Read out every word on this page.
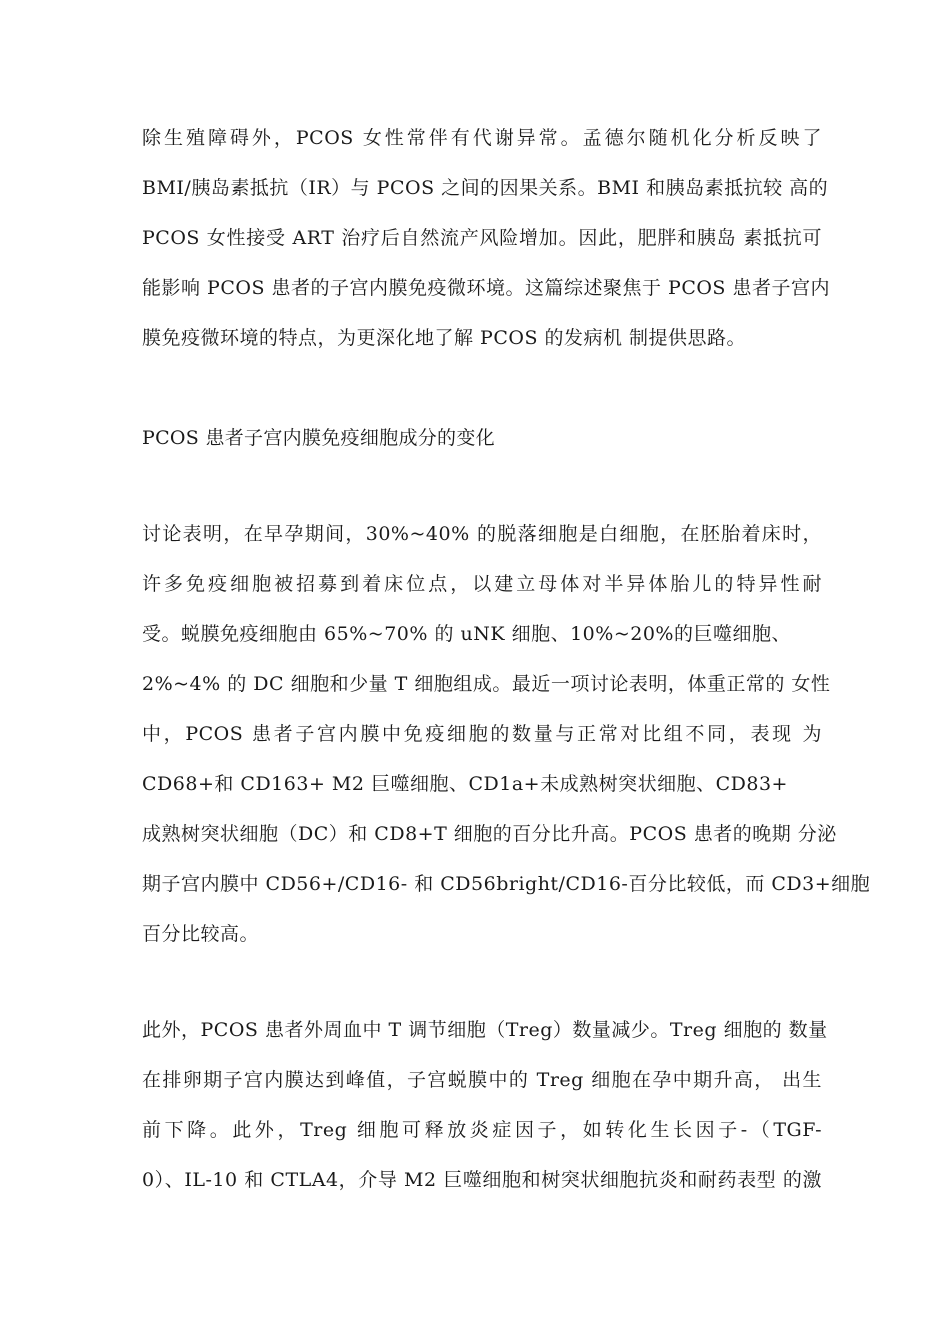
除生殖障碍外，PCOS 女性常伴有代谢异常。孟德尔随机化分析反映了

BMI/胰岛素抵抗（IR）与 PCOS 之间的因果关系。BMI 和胰岛素抵抗较 高的

PCOS 女性接受 ART 治疗后自然流产风险增加。因此，肥胖和胰岛 素抵抗可

能影响 PCOS 患者的子宫内膜免疫微环境。这篇综述聚焦于 PCOS 患者子宫内

膜免疫微环境的特点，为更深化地了解 PCOS 的发病机 制提供思路。

PCOS 患者子宫内膜免疫细胞成分的变化

讨论表明，在早孕期间，30%~40% 的脱落细胞是白细胞，在胚胎着床时，

许多免疫细胞被招募到着床位点，以建立母体对半异体胎儿的特异性耐

受。蜕膜免疫细胞由 65%~70% 的 uNK 细胞、10%~20%的巨噬细胞、

2%~4% 的 DC 细胞和少量 T 细胞组成。最近一项讨论表明，体重正常的 女性

中，PCOS 患者子宫内膜中免疫细胞的数量与正常对比组不同，表现 为

CD68+和 CD163+ M2 巨噬细胞、CD1a+未成熟树突状细胞、CD83+

成熟树突状细胞（DC）和 CD8+T 细胞的百分比升高。PCOS 患者的晚期 分泌

期子宫内膜中 CD56+/CD16- 和 CD56bright/CD16-百分比较低，而 CD3+细胞

百分比较高。

此外，PCOS 患者外周血中 T 调节细胞（Treg）数量减少。Treg 细胞的 数量

在排卵期子宫内膜达到峰值，子宫蜕膜中的 Treg 细胞在孕中期升高， 出生

前下降。此外，Treg 细胞可释放炎症因子，如转化生长因子-（TGF-

0）、IL-10 和 CTLA4，介导 M2 巨噬细胞和树突状细胞抗炎和耐药表型 的激
